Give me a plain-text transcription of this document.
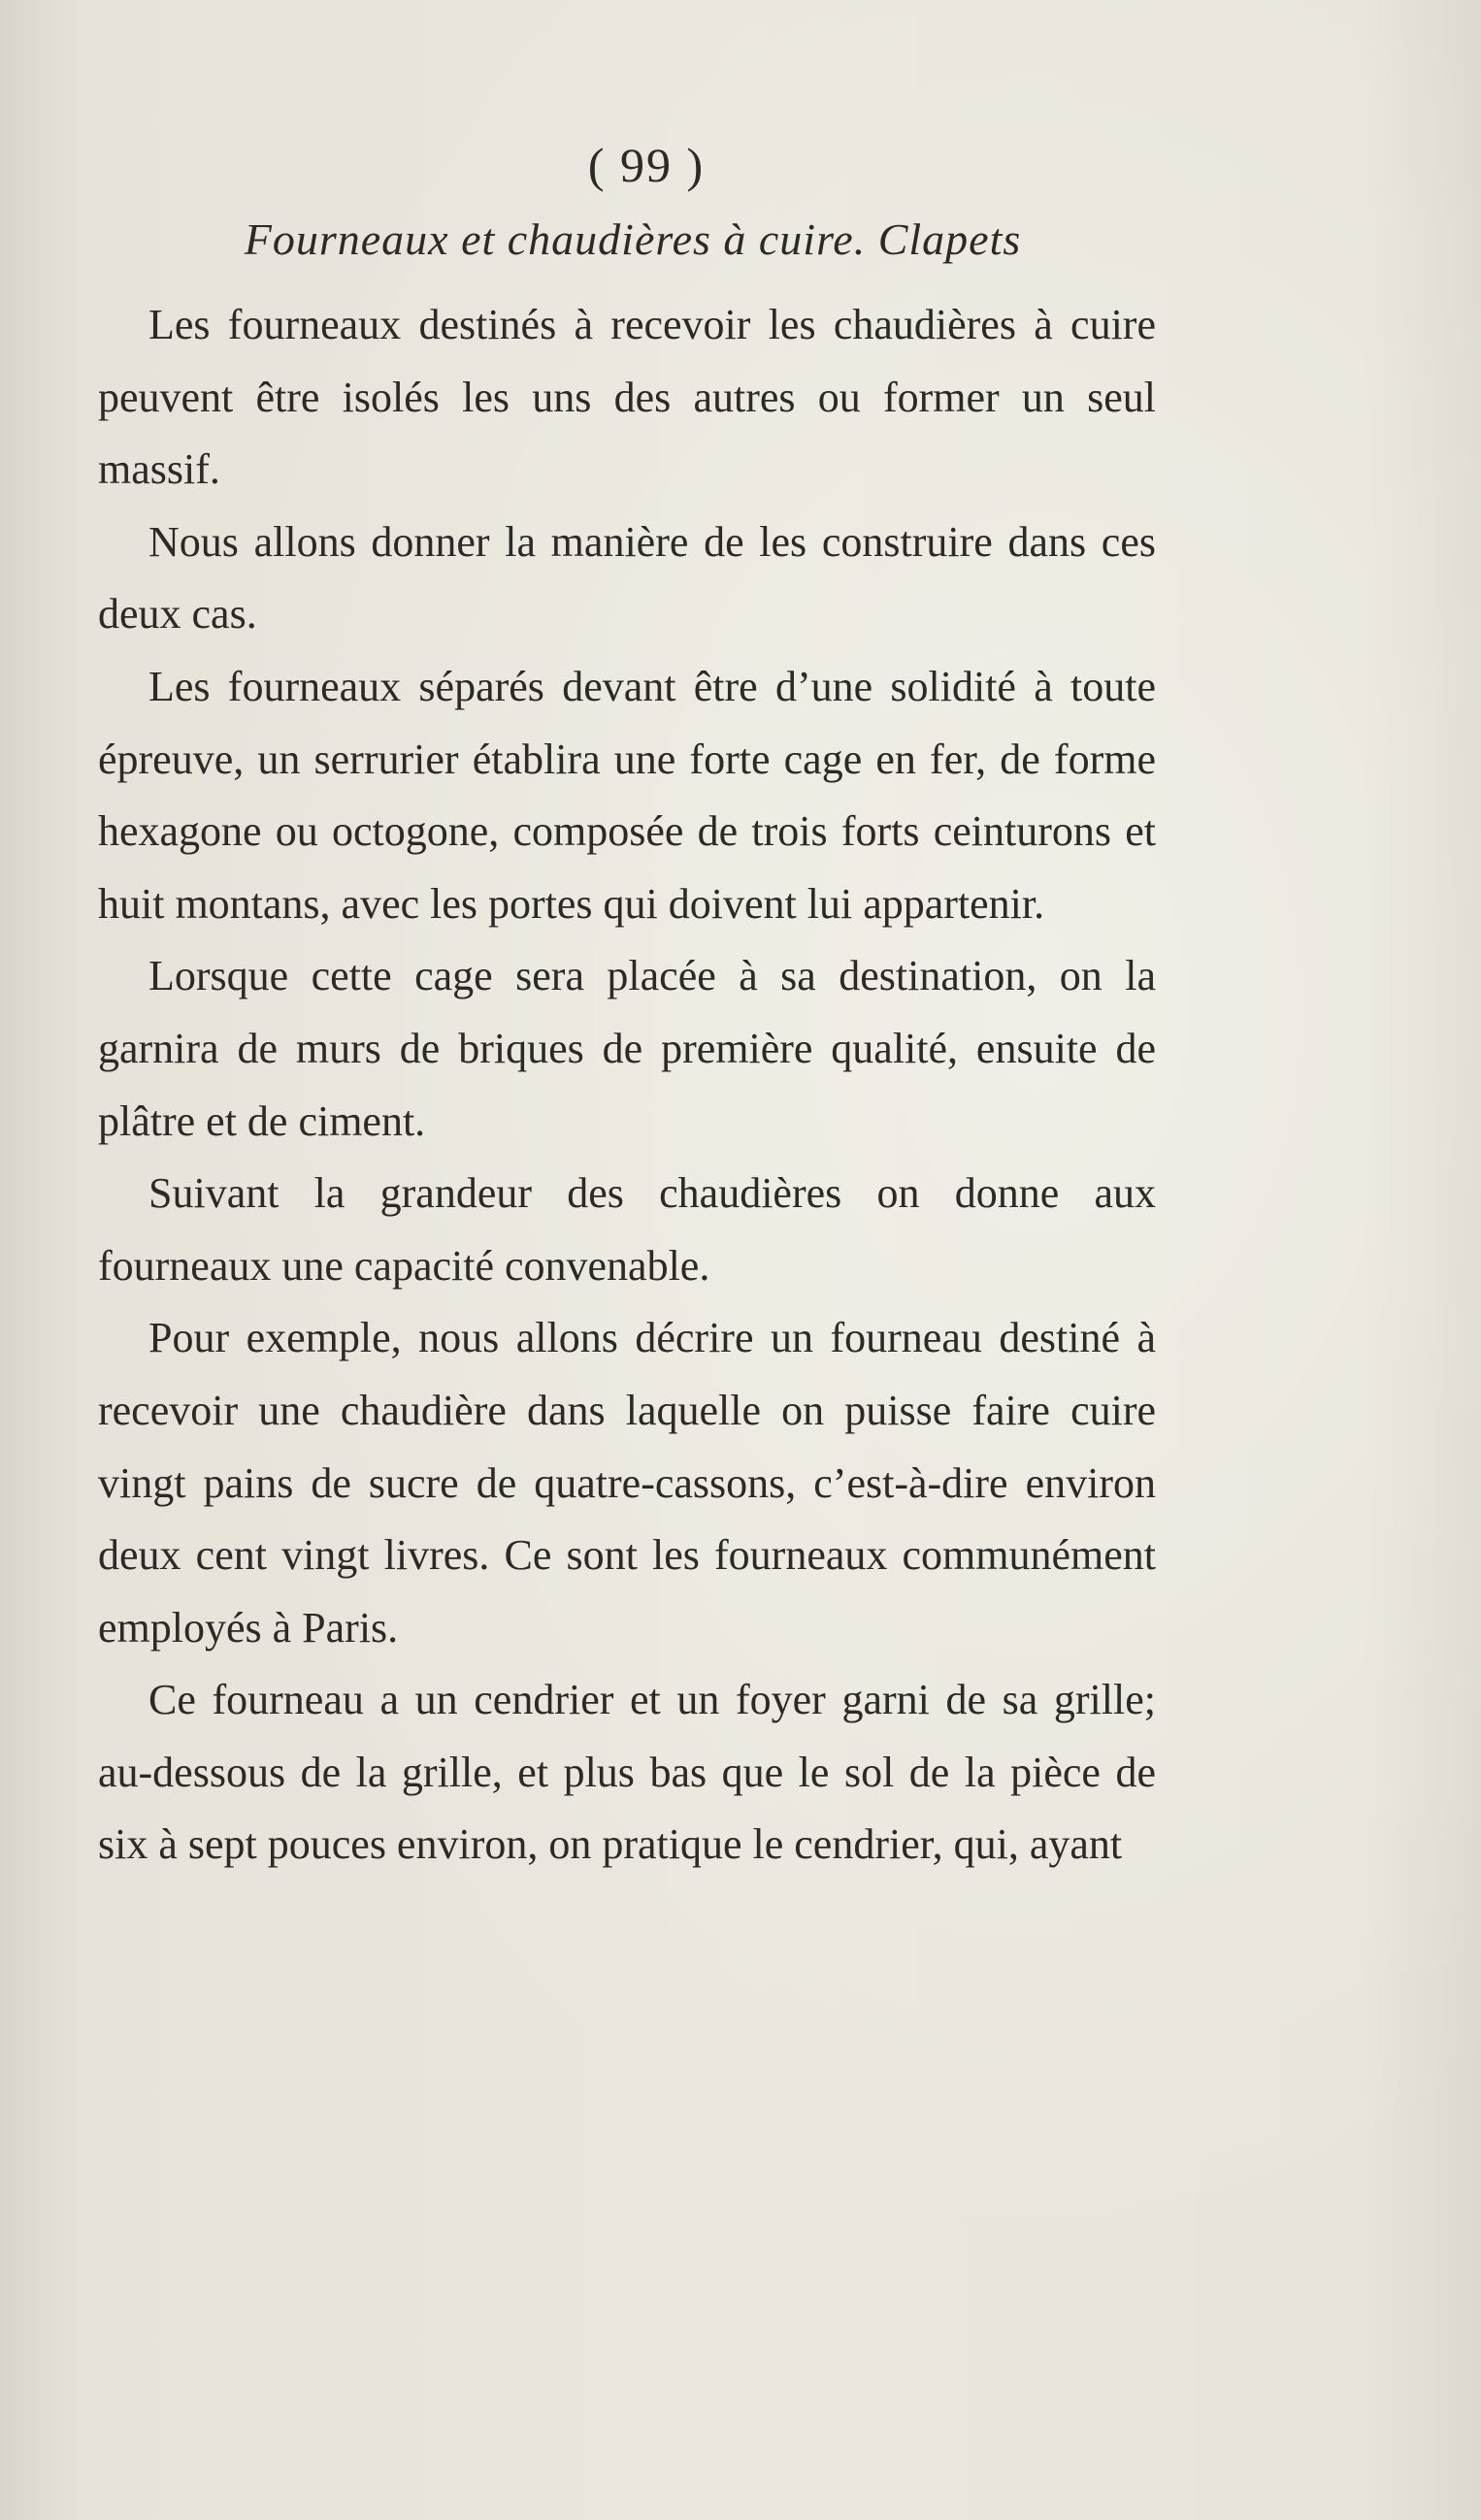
( 99 )
Fourneaux et chaudières à cuire. Clapets

Les fourneaux destinés à recevoir les chaudières à cuire peuvent être isolés les uns des autres ou former un seul massif.

Nous allons donner la manière de les construire dans ces deux cas.

Les fourneaux séparés devant être d’une solidité à toute épreuve, un serrurier établira une forte cage en fer, de forme hexagone ou octogone, composée de trois forts ceinturons et huit montans, avec les portes qui doivent lui appartenir.

Lorsque cette cage sera placée à sa destination, on la garnira de murs de briques de première qualité, ensuite de plâtre et de ciment.

Suivant la grandeur des chaudières on donne aux fourneaux une capacité convenable.

Pour exemple, nous allons décrire un fourneau destiné à recevoir une chaudière dans laquelle on puisse faire cuire vingt pains de sucre de quatre-cassons, c’est-à-dire environ deux cent vingt livres. Ce sont les fourneaux communément employés à Paris.

Ce fourneau a un cendrier et un foyer garni de sa grille; au-dessous de la grille, et plus bas que le sol de la pièce de six à sept pouces environ, on pratique le cendrier, qui, ayant
